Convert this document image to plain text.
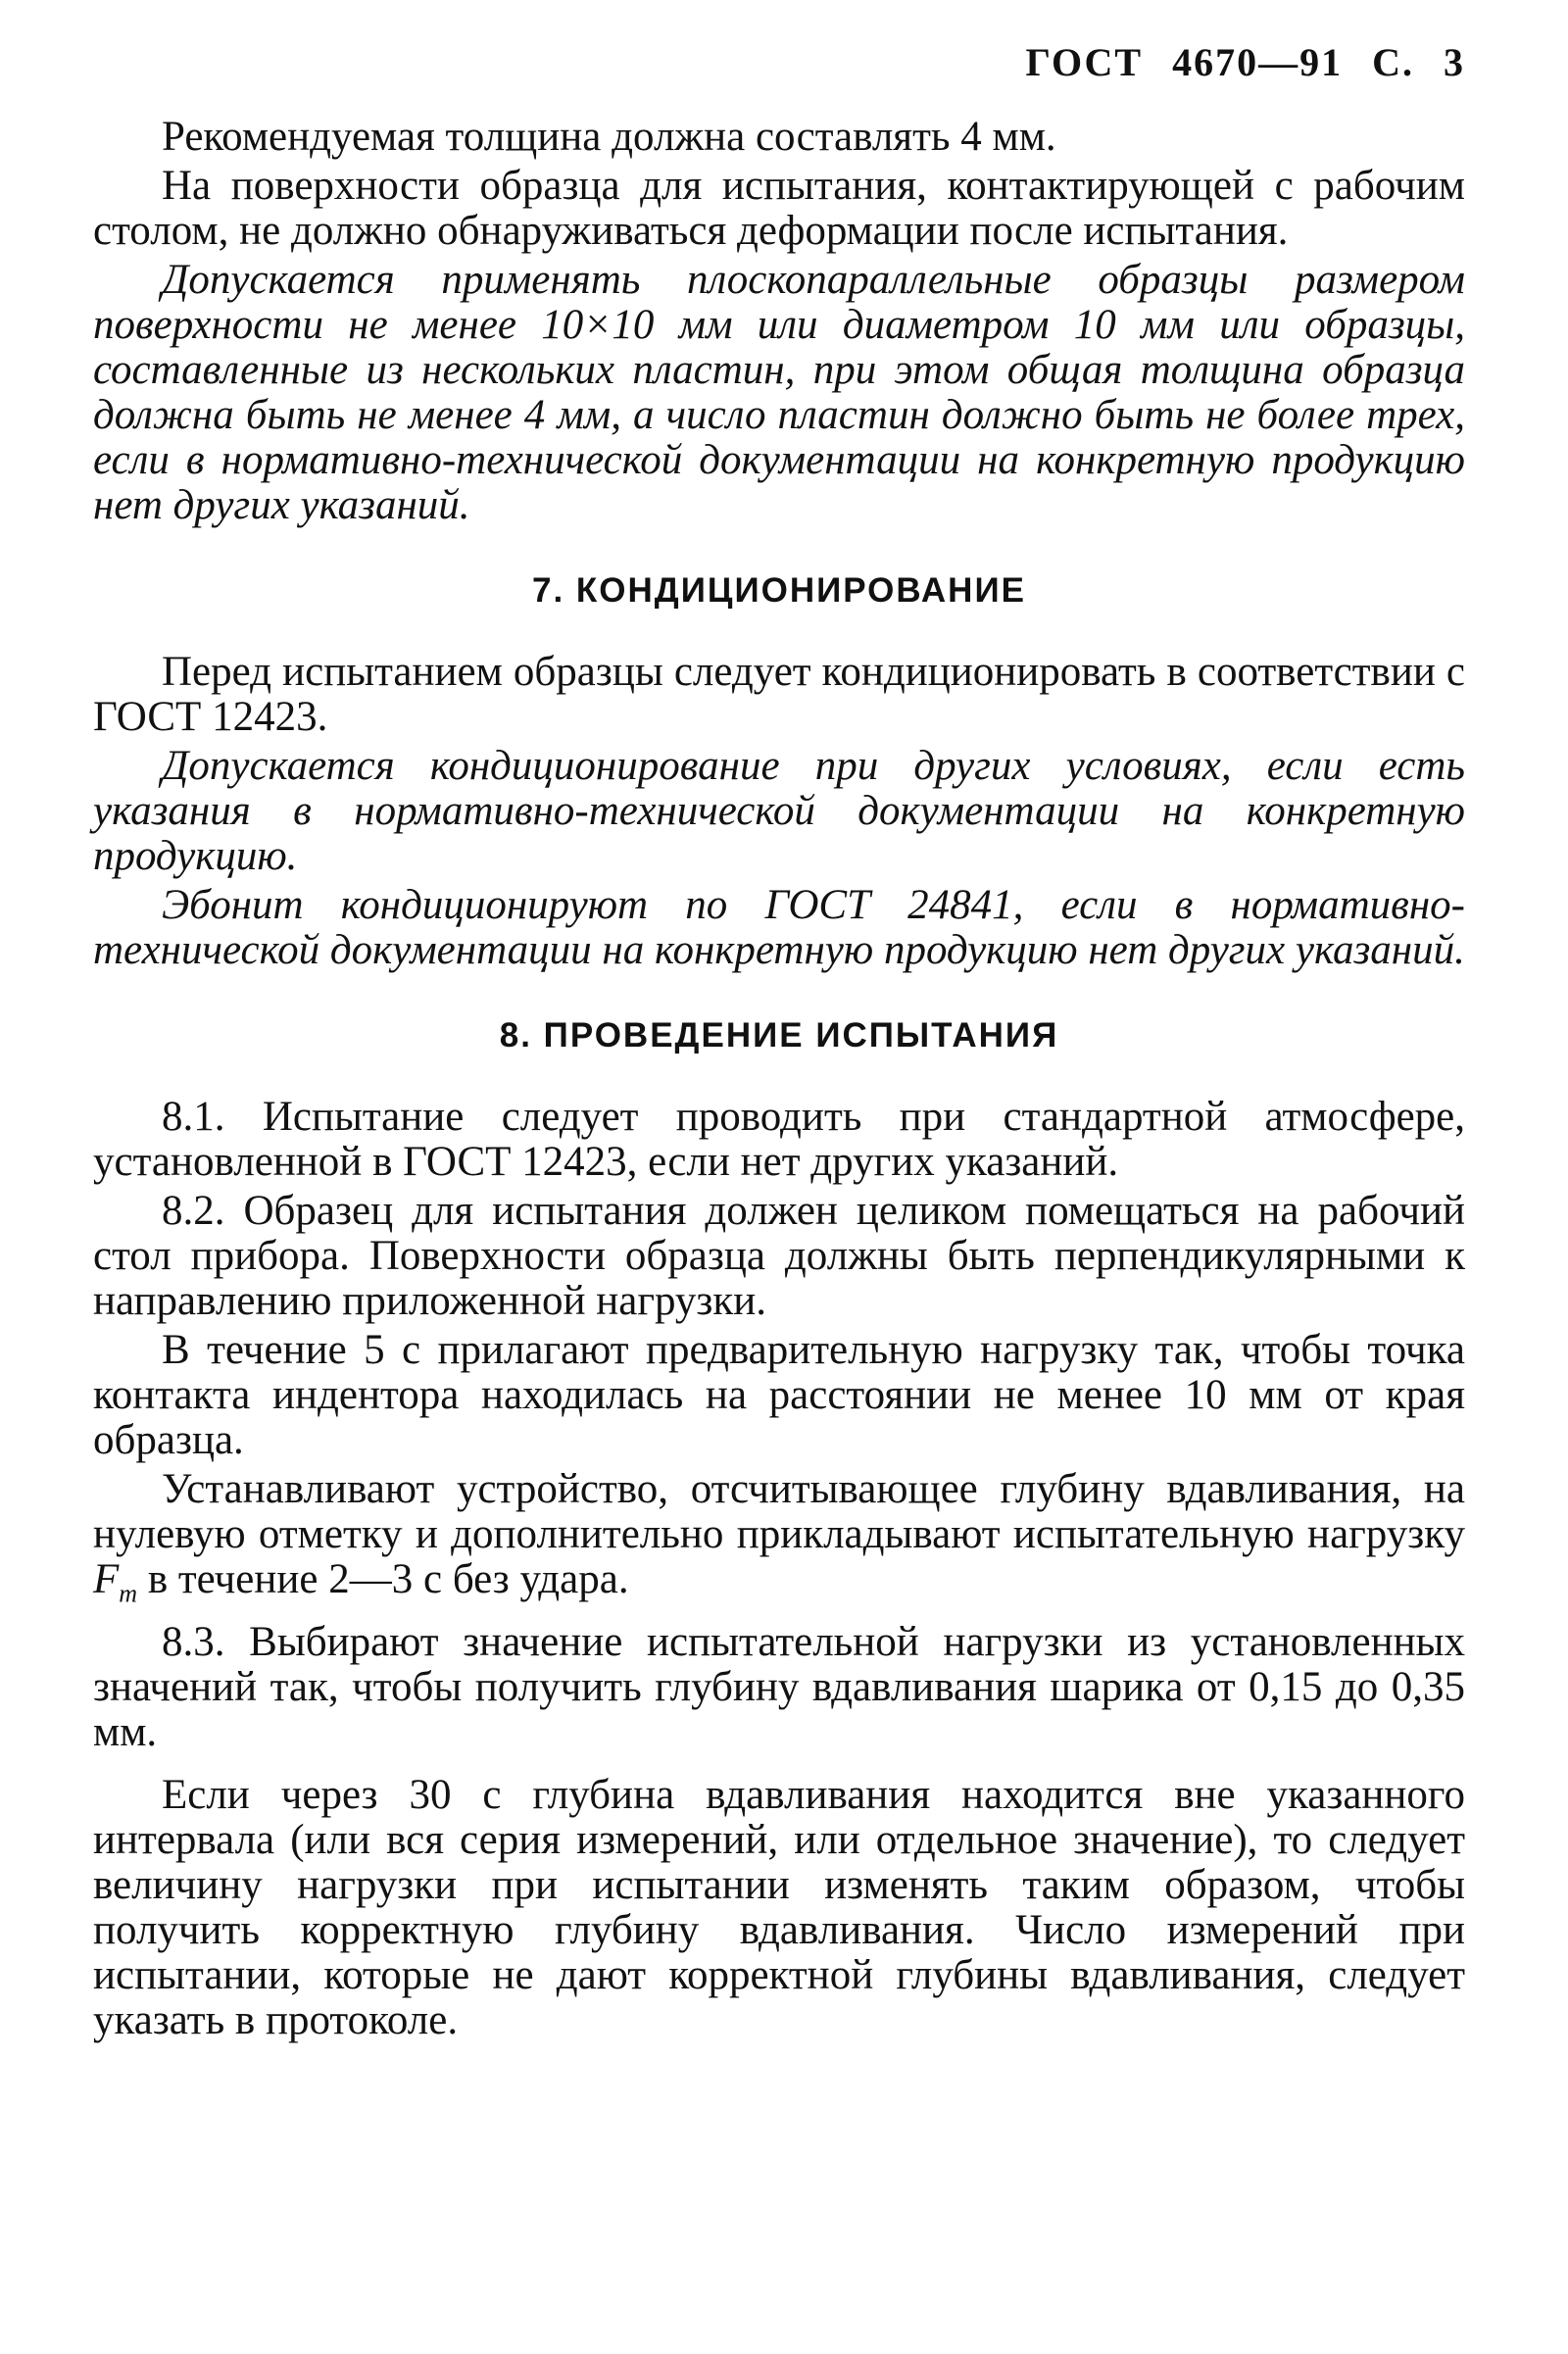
ГОСТ 4670—91 С. 3

Рекомендуемая толщина должна составлять 4 мм.

На поверхности образца для испытания, контактирующей с рабочим столом, не должно обнаруживаться деформации после испытания.

Допускается применять плоскопараллельные образцы размером поверхности не менее 10×10 мм или диаметром 10 мм или образцы, составленные из нескольких пластин, при этом общая толщина образца должна быть не менее 4 мм, а число пластин должно быть не более трех, если в нормативно-технической документации на конкретную продукцию нет других указаний.

7. КОНДИЦИОНИРОВАНИЕ

Перед испытанием образцы следует кондиционировать в соответствии с ГОСТ 12423.

Допускается кондиционирование при других условиях, если есть указания в нормативно-технической документации на конкретную продукцию.

Эбонит кондиционируют по ГОСТ 24841, если в нормативно-технической документации на конкретную продукцию нет других указаний.

8. ПРОВЕДЕНИЕ ИСПЫТАНИЯ

8.1. Испытание следует проводить при стандартной атмосфере, установленной в ГОСТ 12423, если нет других указаний.

8.2. Образец для испытания должен целиком помещаться на рабочий стол прибора. Поверхности образца должны быть перпендикулярными к направлению приложенной нагрузки.

В течение 5 с прилагают предварительную нагрузку так, чтобы точка контакта индентора находилась на расстоянии не менее 10 мм от края образца.

Устанавливают устройство, отсчитывающее глубину вдавливания, на нулевую отметку и дополнительно прикладывают испытательную нагрузку $F_m$ в течение 2—3 с без удара.

8.3. Выбирают значение испытательной нагрузки из установленных значений так, чтобы получить глубину вдавливания шарика от 0,15 до 0,35 мм.

Если через 30 с глубина вдавливания находится вне указанного интервала (или вся серия измерений, или отдельное значение), то следует величину нагрузки при испытании изменять таким образом, чтобы получить корректную глубину вдавливания. Число измерений при испытании, которые не дают корректной глубины вдавливания, следует указать в протоколе.
